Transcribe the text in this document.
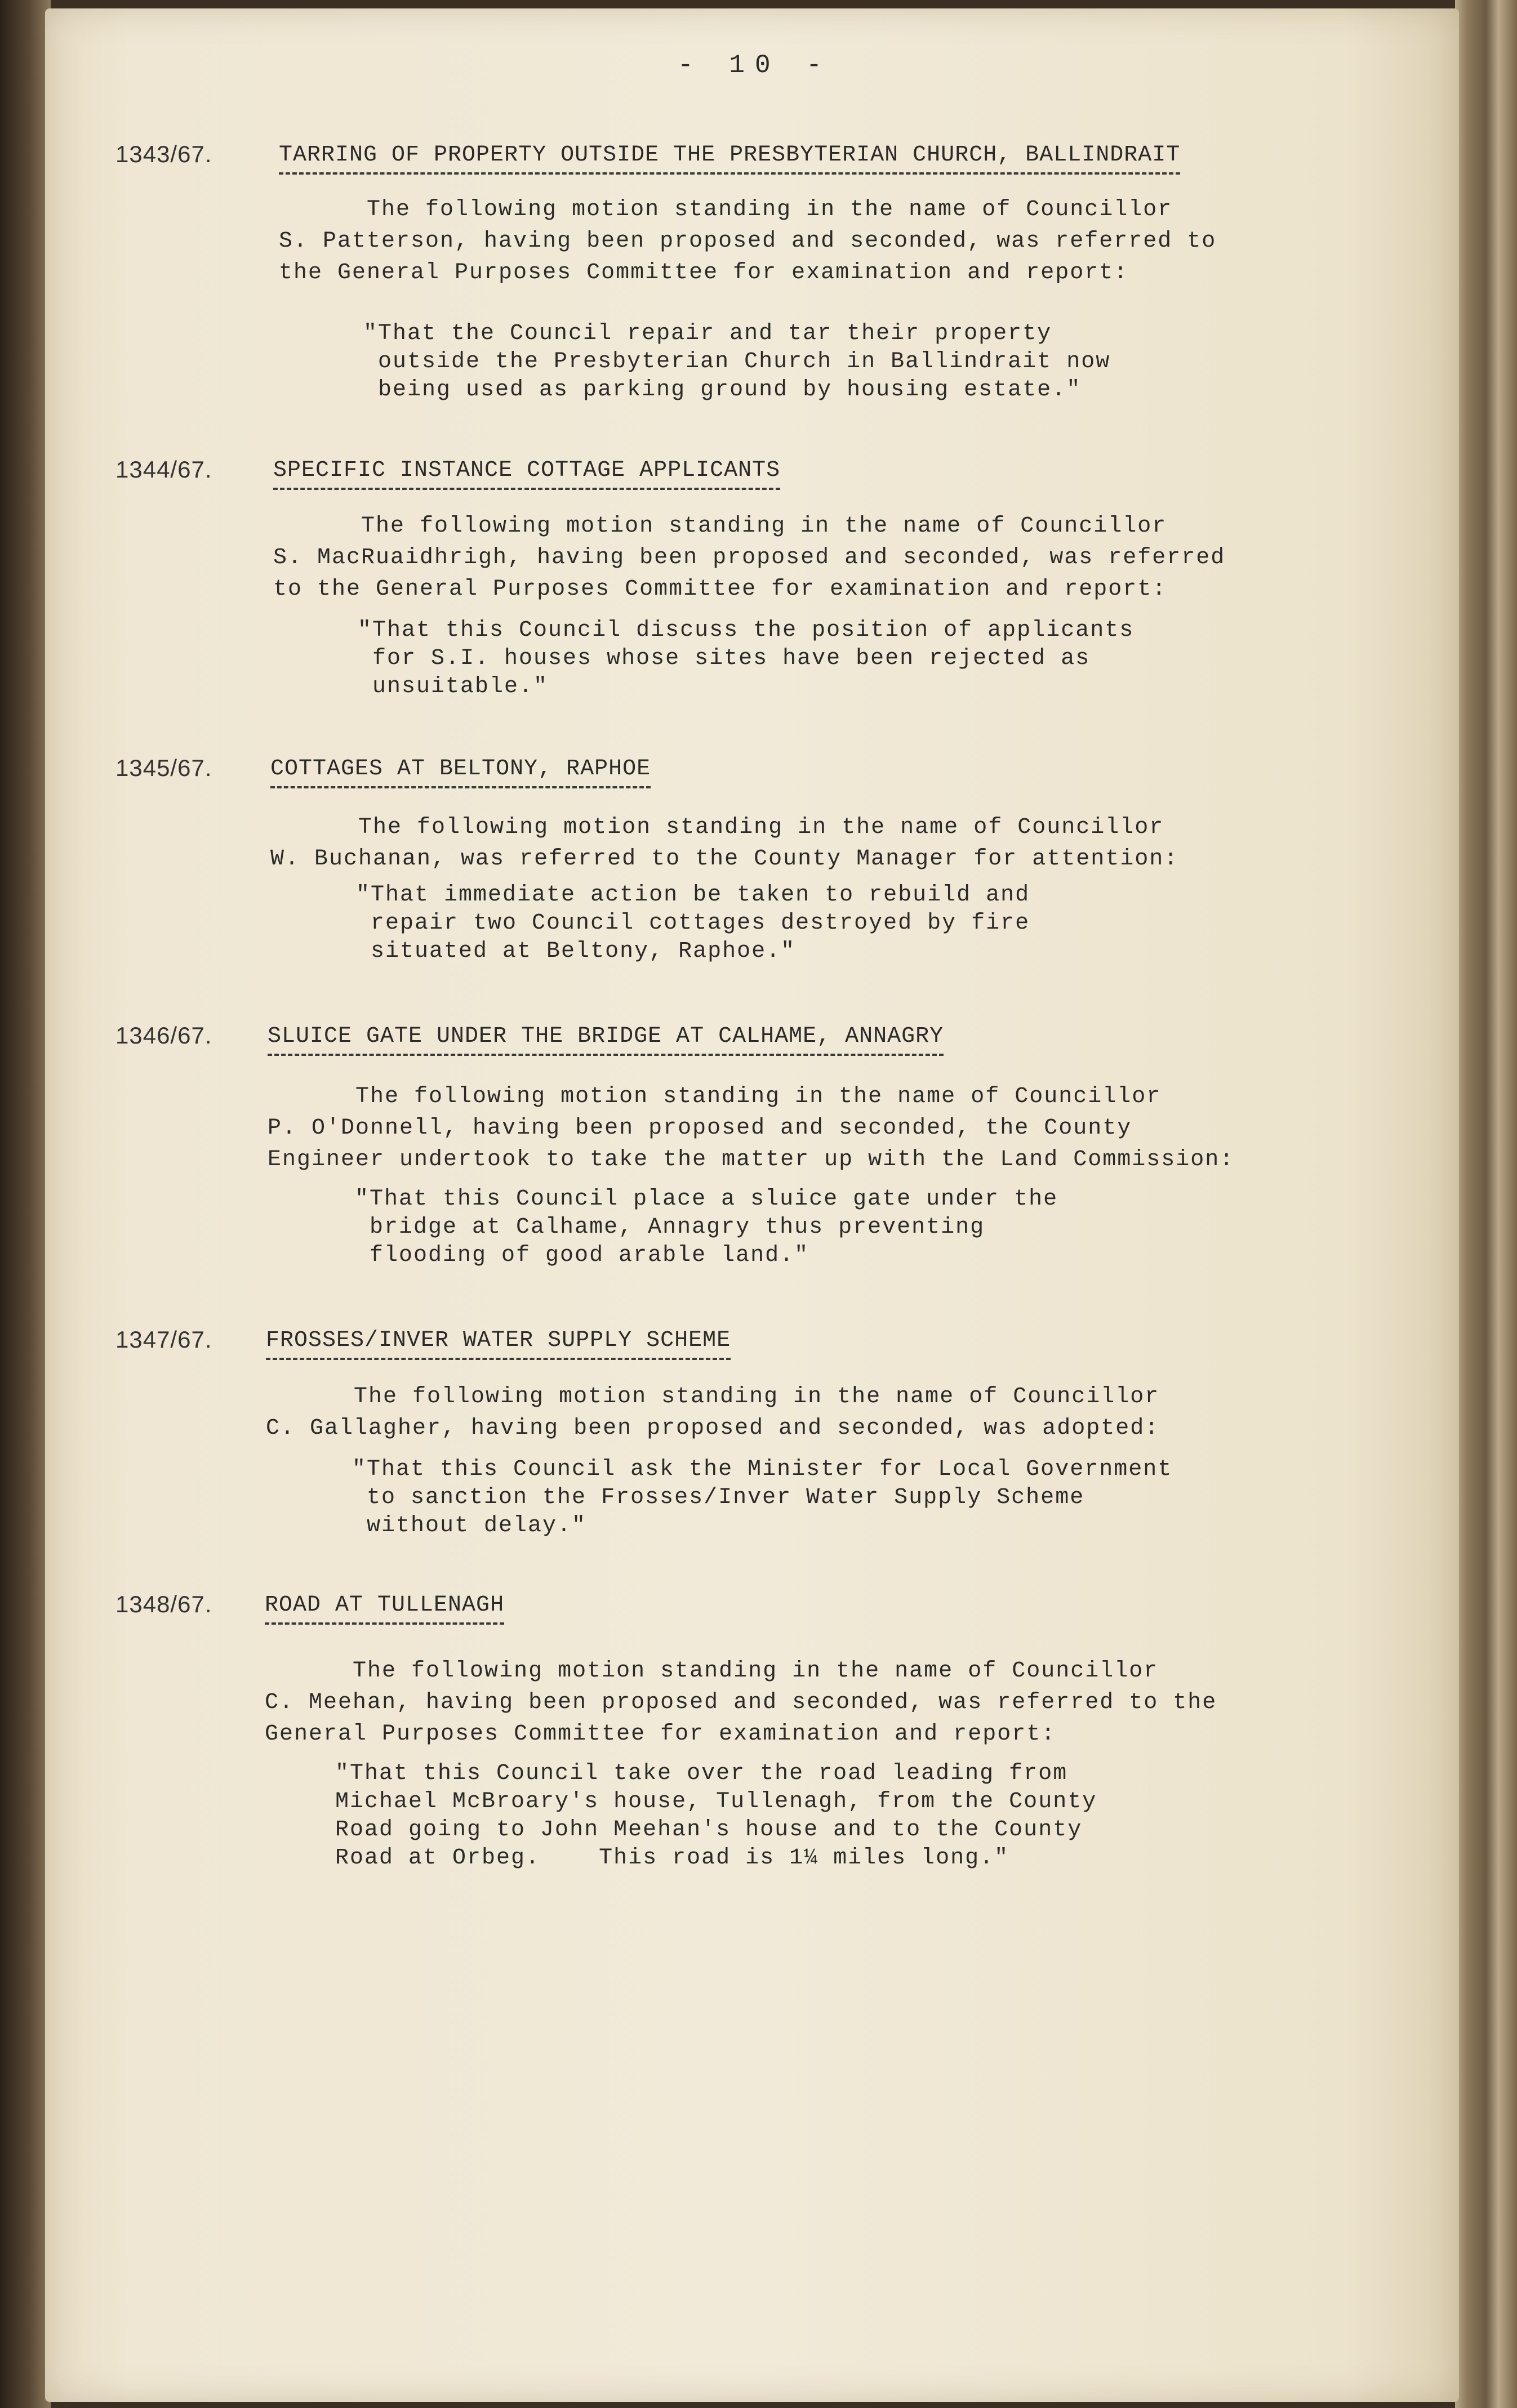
- 10 -
1343/67.	TARRING OF PROPERTY OUTSIDE THE PRESBYTERIAN CHURCH, BALLINDRAIT

The following motion standing in the name of Councillor
S. Patterson, having been proposed and seconded, was referred to
the General Purposes Committee for examination and report:

"That the Council repair and tar their property
outside the Presbyterian Church in Ballindrait now
being used as parking ground by housing estate."

1344/67.	SPECIFIC INSTANCE COTTAGE APPLICANTS

The following motion standing in the name of Councillor
S. MacRuaidhrigh, having been proposed and seconded, was referred
to the General Purposes Committee for examination and report:

"That this Council discuss the position of applicants
for S.I. houses whose sites have been rejected as
unsuitable."

1345/67.	COTTAGES AT BELTONY, RAPHOE

The following motion standing in the name of Councillor
W. Buchanan, was referred to the County Manager for attention:

"That immediate action be taken to rebuild and
repair two Council cottages destroyed by fire
situated at Beltony, Raphoe."

1346/67. SLUICE GATE UNDER THE BRIDGE AT CALHAME, ANNAGRY

The following motion standing in the name of Councillor
P. O'Donnell, having been proposed and seconded, the County
Engineer undertook to take the matter up with the Land Commission:

"That this Council place a sluice gate under the
bridge at Calhame, Annagry thus preventing
flooding of good arable land."

1347/67. FROSSES/INVER WATER SUPPLY SCHEME

The following motion standing in the name of Councillor
C. Gallagher, having been proposed and seconded, was adopted:

"That this Council ask the Minister for Local Government
to sanction the Frosses/Inver Water Supply Scheme
without delay."

1348/67. ROAD AT TULLENAGH

The following motion standing in the name of Councillor
C. Meehan, having been proposed and seconded, was referred to the
General Purposes Committee for examination and report:

"That this Council take over the road leading from
Michael McBroary's house, Tullenagh, from the County
Road going to John Meehan's house and to the County
Road at Orbeg.    This road is 1¼ miles long."
